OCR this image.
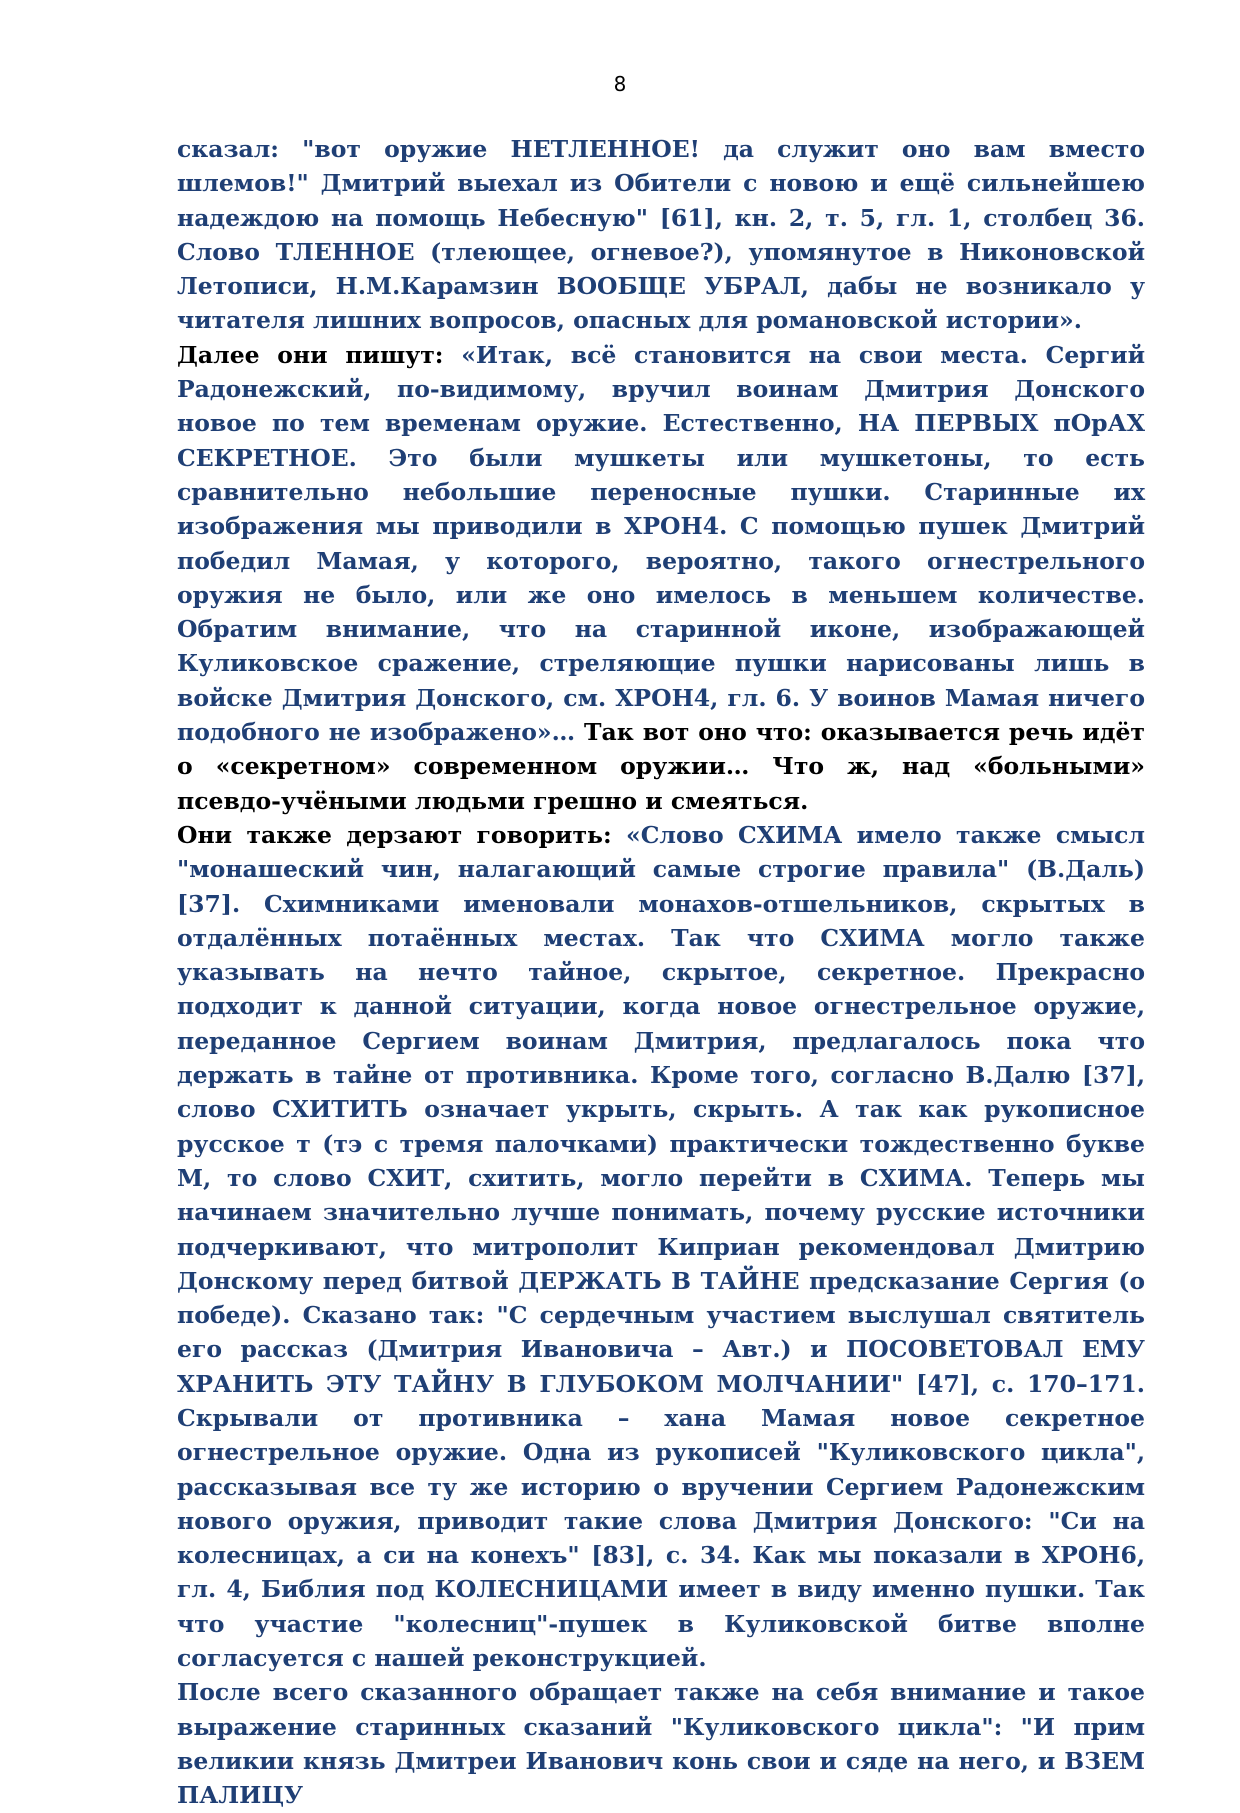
8

сказал: "вот оружие НЕТЛЕННОЕ! да служит оно вам вместо шлемов!" Дмитрий выехал из Обители с новою и ещё сильнейшею надеждою на помощь Небесную" [61], кн. 2, т. 5, гл. 1, столбец 36. Слово ТЛЕННОЕ (тлеющее, огневое?), упомянутое в Никоновской Летописи, Н.М.Карамзин ВООБЩЕ УБРАЛ, дабы не возникало у читателя лишних вопросов, опасных для романовской истории».

Далее они пишут: «Итак, всё становится на свои места. Сергий Радонежский, по-видимому, вручил воинам Дмитрия Донского новое по тем временам оружие. Естественно, НА ПЕРВЫХ пОрАХ СЕКРЕТНОЕ. Это были мушкеты или мушкетоны, то есть сравнительно небольшие переносные пушки. Старинные их изображения мы приводили в ХРОН4. С помощью пушек Дмитрий победил Мамая, у которого, вероятно, такого огнестрельного оружия не было, или же оно имелось в меньшем количестве. Обратим внимание, что на старинной иконе, изображающей Куликовское сражение, стреляющие пушки нарисованы лишь в войске Дмитрия Донского, см. ХРОН4, гл. 6. У воинов Мамая ничего подобного не изображено»… Так вот оно что: оказывается речь идёт о «секретном» современном оружии… Что ж, над «больными» псевдо-учёными людьми грешно и смеяться.

Они также дерзают говорить: «Слово СХИМА имело также смысл "монашеский чин, налагающий самые строгие правила" (В.Даль) [37]. Схимниками именовали монахов-отшельников, скрытых в отдалённых потаённых местах. Так что СХИМА могло также указывать на нечто тайное, скрытое, секретное. Прекрасно подходит к данной ситуации, когда новое огнестрельное оружие, переданное Сергием воинам Дмитрия, предлагалось пока что держать в тайне от противника. Кроме того, согласно В.Далю [37], слово СХИТИТЬ означает укрыть, скрыть. А так как рукописное русское т (тэ с тремя палочками) практически тождественно букве М, то слово СХИТ, схитить, могло перейти в СХИМА. Теперь мы начинаем значительно лучше понимать, почему русские источники подчеркивают, что митрополит Киприан рекомендовал Дмитрию Донскому перед битвой ДЕРЖАТЬ В ТАЙНЕ предсказание Сергия (о победе). Сказано так: "С сердечным участием выслушал святитель его рассказ (Дмитрия Ивановича – Авт.) и ПОСОВЕТОВАЛ ЕМУ ХРАНИТЬ ЭТУ ТАЙНУ В ГЛУБОКОМ МОЛЧАНИИ" [47], с. 170–171. Скрывали от противника – хана Мамая новое секретное огнестрельное оружие. Одна из рукописей "Куликовского цикла", рассказывая все ту же историю о вручении Сергием Радонежским нового оружия, приводит такие слова Дмитрия Донского: "Си на колесницах, а си на конехъ" [83], с. 34. Как мы показали в ХРОН6, гл. 4, Библия под КОЛЕСНИЦАМИ имеет в виду именно пушки. Так что участие "колесниц"-пушек в Куликовской битве вполне согласуется с нашей реконструкцией.

После всего сказанного обращает также на себя внимание и такое выражение старинных сказаний "Куликовского цикла": "И прим великии князь Дмитреи Иванович конь свои и сяде на него, и ВЗЕМ ПАЛИЦУ
